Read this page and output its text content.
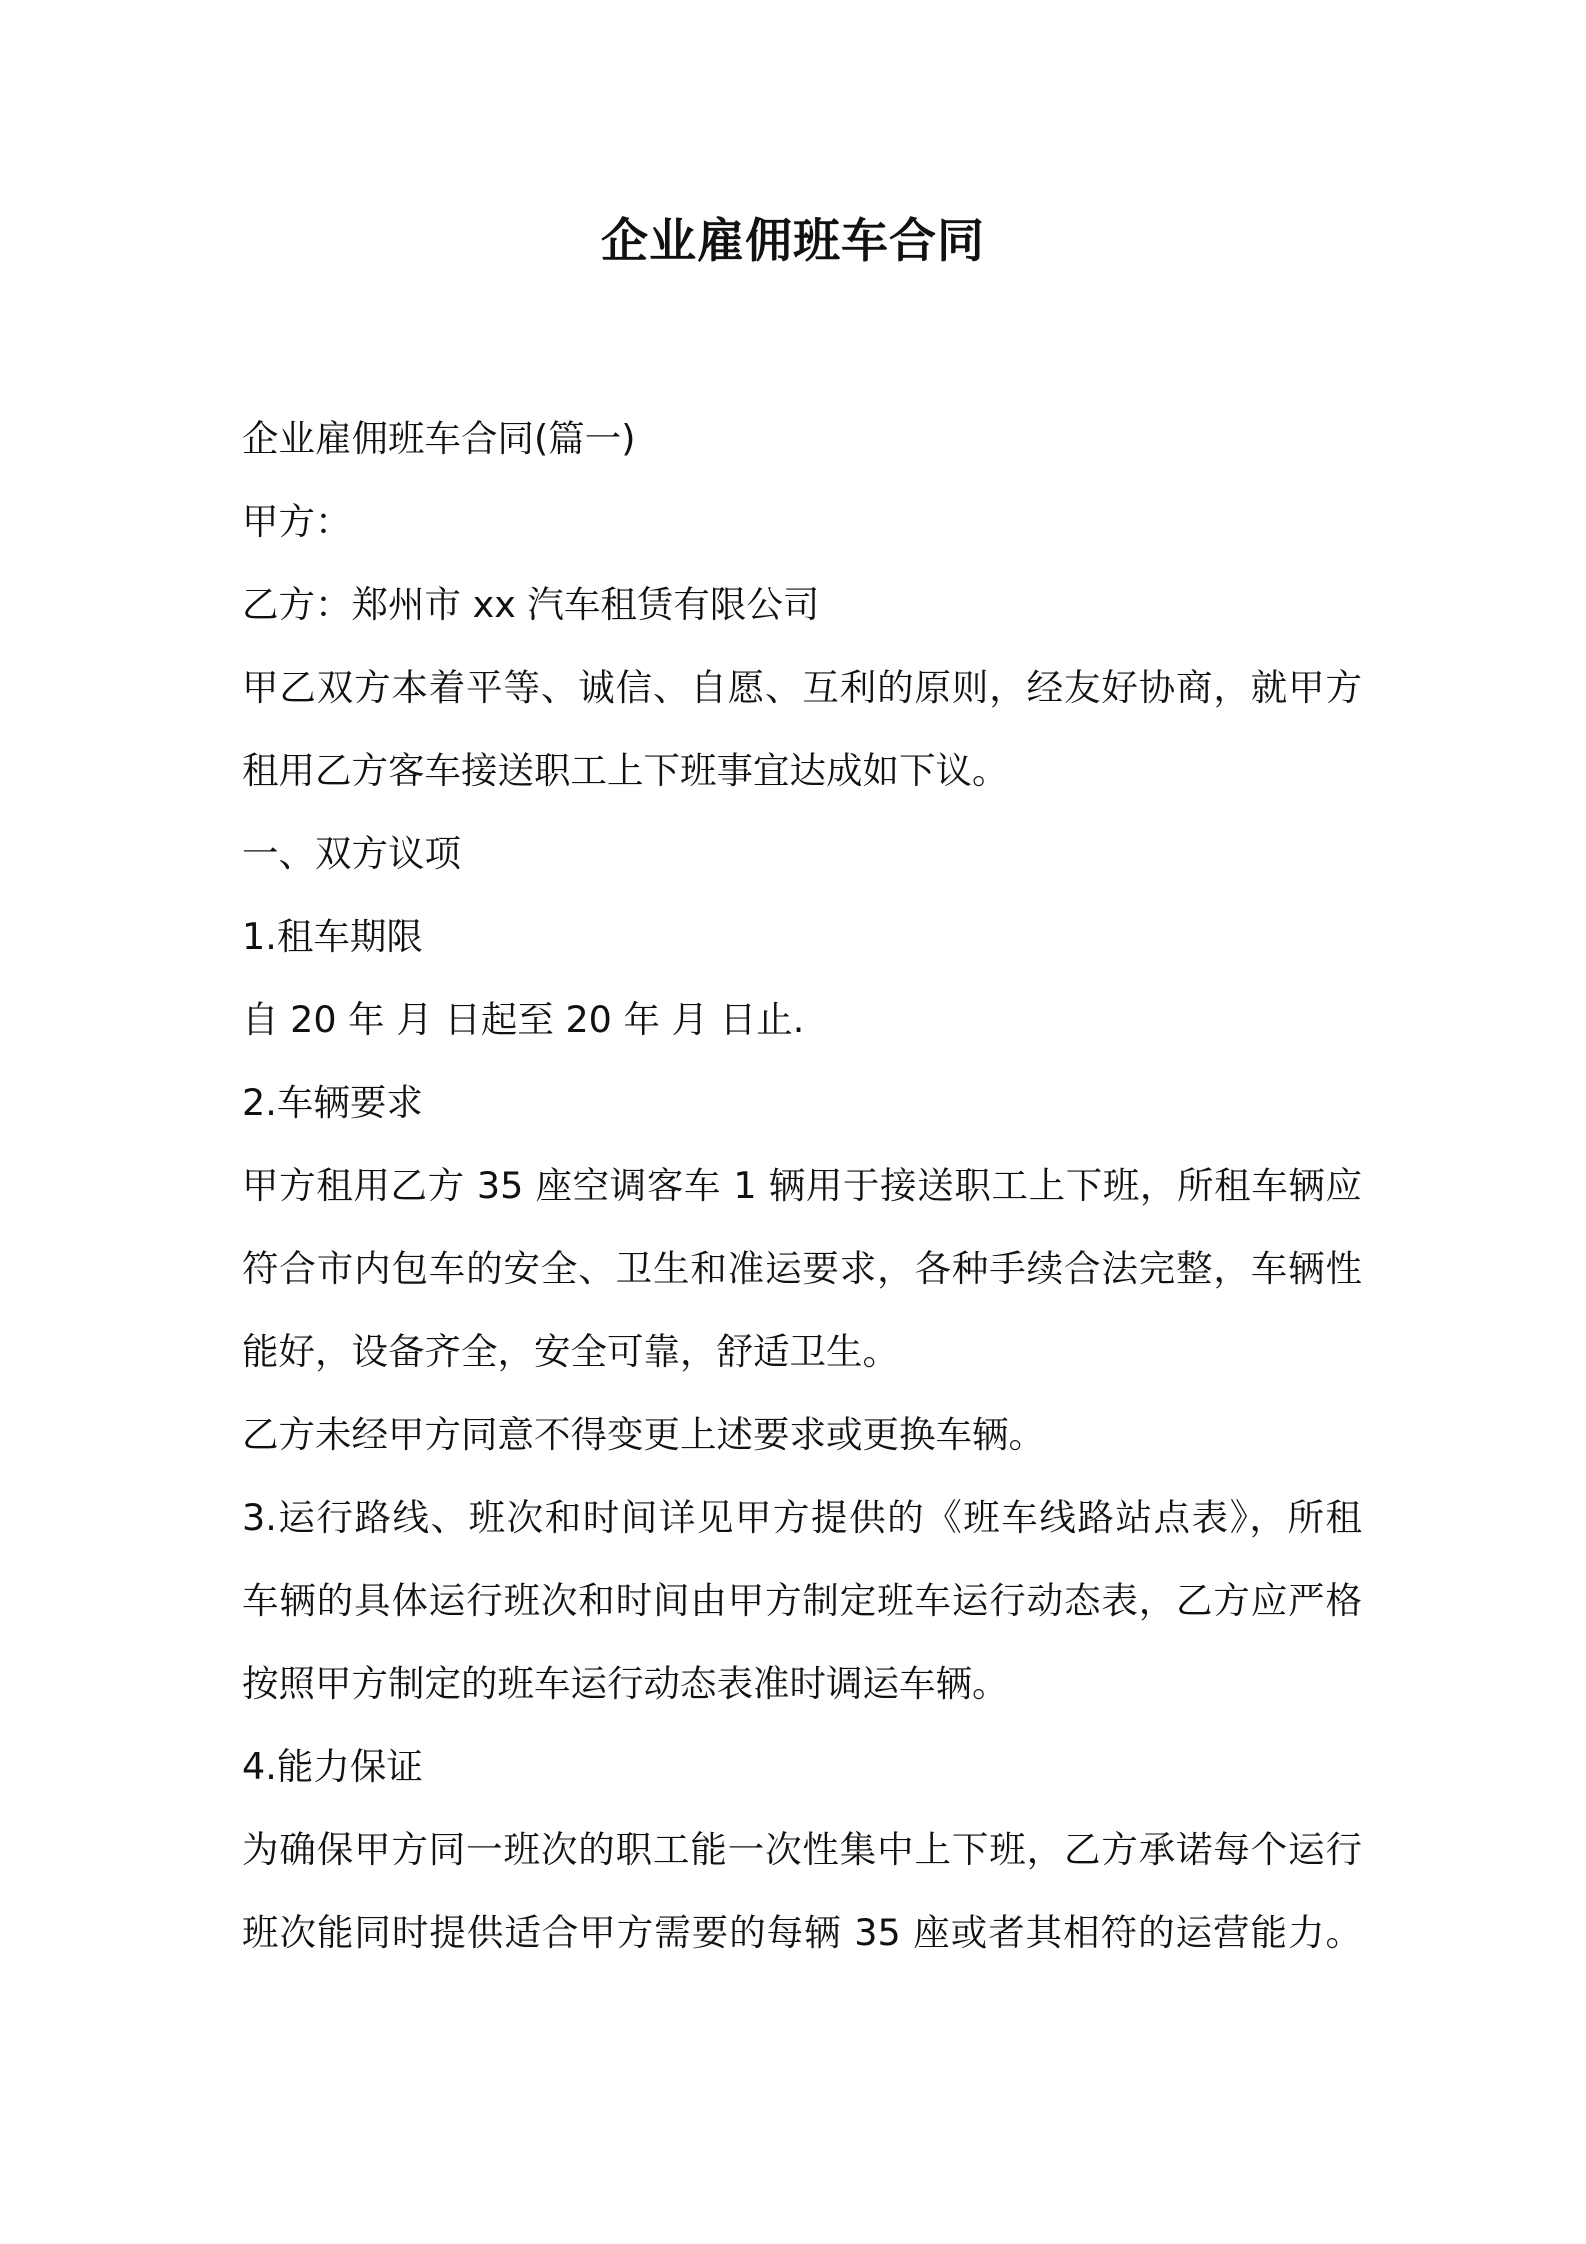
企业雇佣班车合同

企业雇佣班车合同(篇一)

甲方：

乙方：郑州市 xx 汽车租赁有限公司

甲乙双方本着平等、诚信、自愿、互利的原则，经友好协商，就甲方

租用乙方客车接送职工上下班事宜达成如下议。

一、双方议项

1.租车期限

自 20 年 月 日起至 20 年 月 日止.

2.车辆要求

甲方租用乙方 35 座空调客车 1 辆用于接送职工上下班，所租车辆应

符合市内包车的安全、卫生和准运要求，各种手续合法完整，车辆性

能好，设备齐全，安全可靠，舒适卫生。

乙方未经甲方同意不得变更上述要求或更换车辆。

3.运行路线、班次和时间详见甲方提供的《班车线路站点表》，所租

车辆的具体运行班次和时间由甲方制定班车运行动态表，乙方应严格

按照甲方制定的班车运行动态表准时调运车辆。

4.能力保证

为确保甲方同一班次的职工能一次性集中上下班，乙方承诺每个运行

班次能同时提供适合甲方需要的每辆 35 座或者其相符的运营能力。
